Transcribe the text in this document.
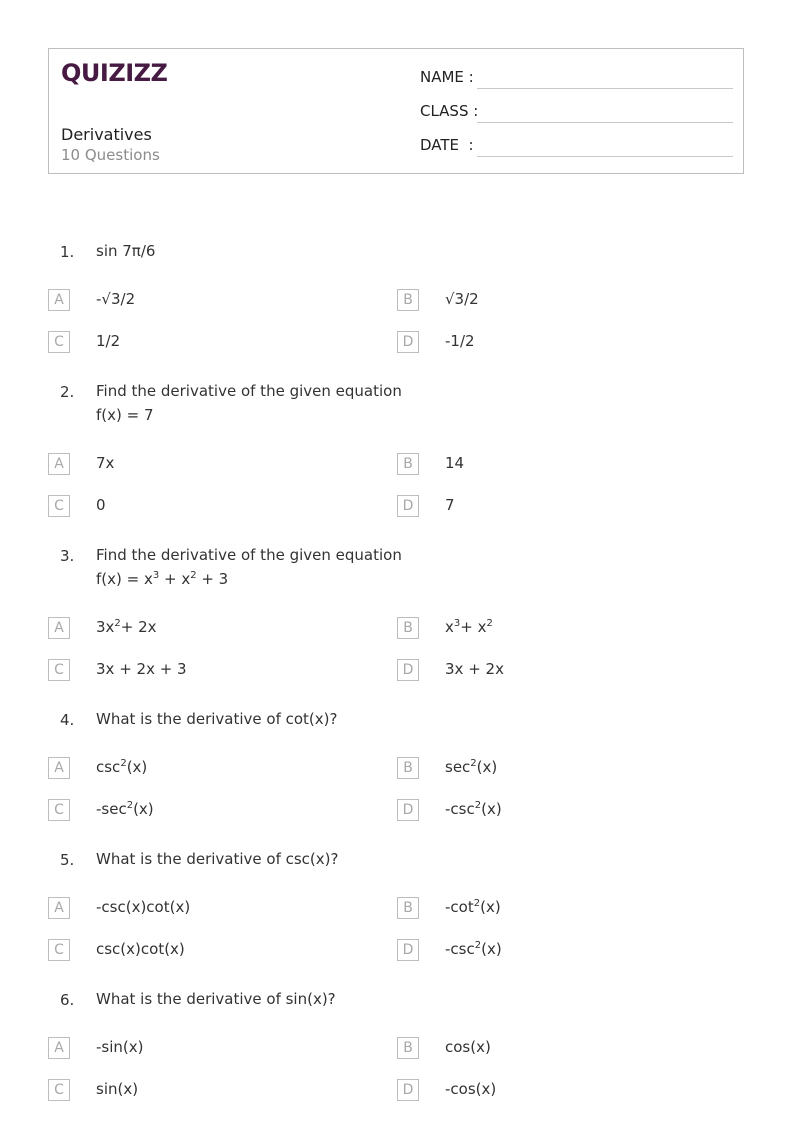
QUIZIZZ
Derivatives
10 Questions
NAME :
CLASS :
DATE  :
1. sin 7π/6
A	-√3/2	B	√3/2
C	1/2	D	-1/2
2. Find the derivative of the given equation
f(x) = 7
A	7x	B	14
C	0	D	7
3. Find the derivative of the given equation
$f(x) = x^3 + x^2 + 3$
A	$3x^2+ 2x$	B	$x^3+ x^2$
C	3x + 2x + 3	D	3x + 2x
4. What is the derivative of cot(x)?
A	$\csc^2(x)$	B	$\sec^2(x)$
C	$-\sec^2(x)$	D	$-\csc^2(x)$
5. What is the derivative of csc(x)?
A	-csc(x)cot(x)	B	$-\cot^2(x)$
C	csc(x)cot(x)	D	$-\csc^2(x)$
6. What is the derivative of sin(x)?
A	-sin(x)	B	cos(x)
C	sin(x)	D	-cos(x)
